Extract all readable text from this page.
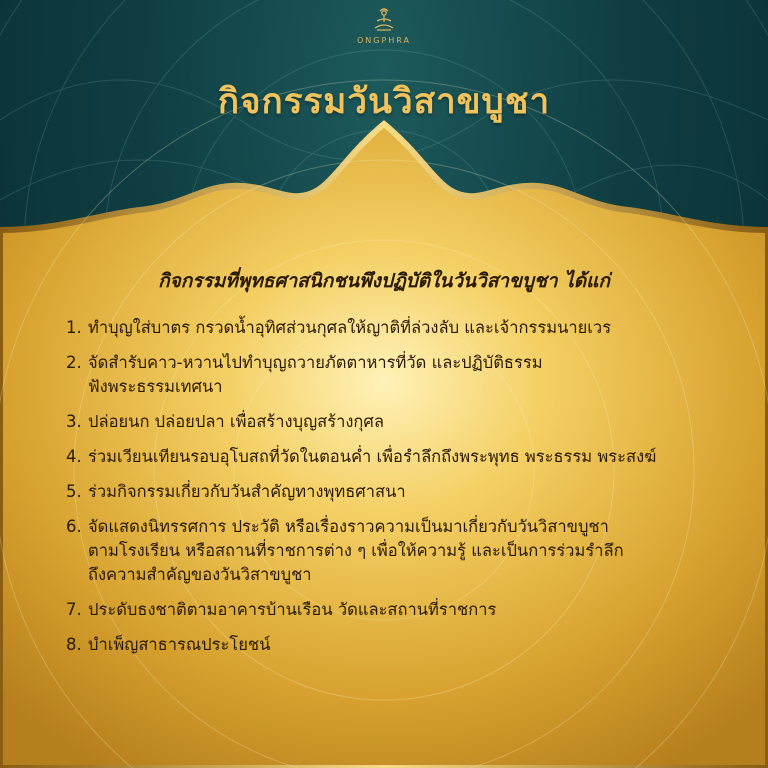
ONGPHRA
กิจกรรมวันวิสาขบูชา
กิจกรรมที่พุทธศาสนิกชนพึงปฏิบัติในวันวิสาขบูชา ได้แก่
1. ทำบุญใส่บาตร กรวดน้ำอุทิศส่วนกุศลให้ญาติที่ล่วงลับ และเจ้ากรรมนายเวร
2. จัดสำรับคาว-หวานไปทำบุญถวายภัตตาหารที่วัด และปฏิบัติธรรม
ฟังพระธรรมเทศนา
3. ปล่อยนก ปล่อยปลา เพื่อสร้างบุญสร้างกุศล
4. ร่วมเวียนเทียนรอบอุโบสถที่วัดในตอนค่ำ เพื่อรำลึกถึงพระพุทธ พระธรรม พระสงฆ์
5. ร่วมกิจกรรมเกี่ยวกับวันสำคัญทางพุทธศาสนา
6. จัดแสดงนิทรรศการ ประวัติ หรือเรื่องราวความเป็นมาเกี่ยวกับวันวิสาขบูชา
ตามโรงเรียน หรือสถานที่ราชการต่าง ๆ เพื่อให้ความรู้ และเป็นการร่วมรำลึก
ถึงความสำคัญของวันวิสาขบูชา
7. ประดับธงชาติตามอาคารบ้านเรือน วัดและสถานที่ราชการ
8. บำเพ็ญสาธารณประโยชน์
